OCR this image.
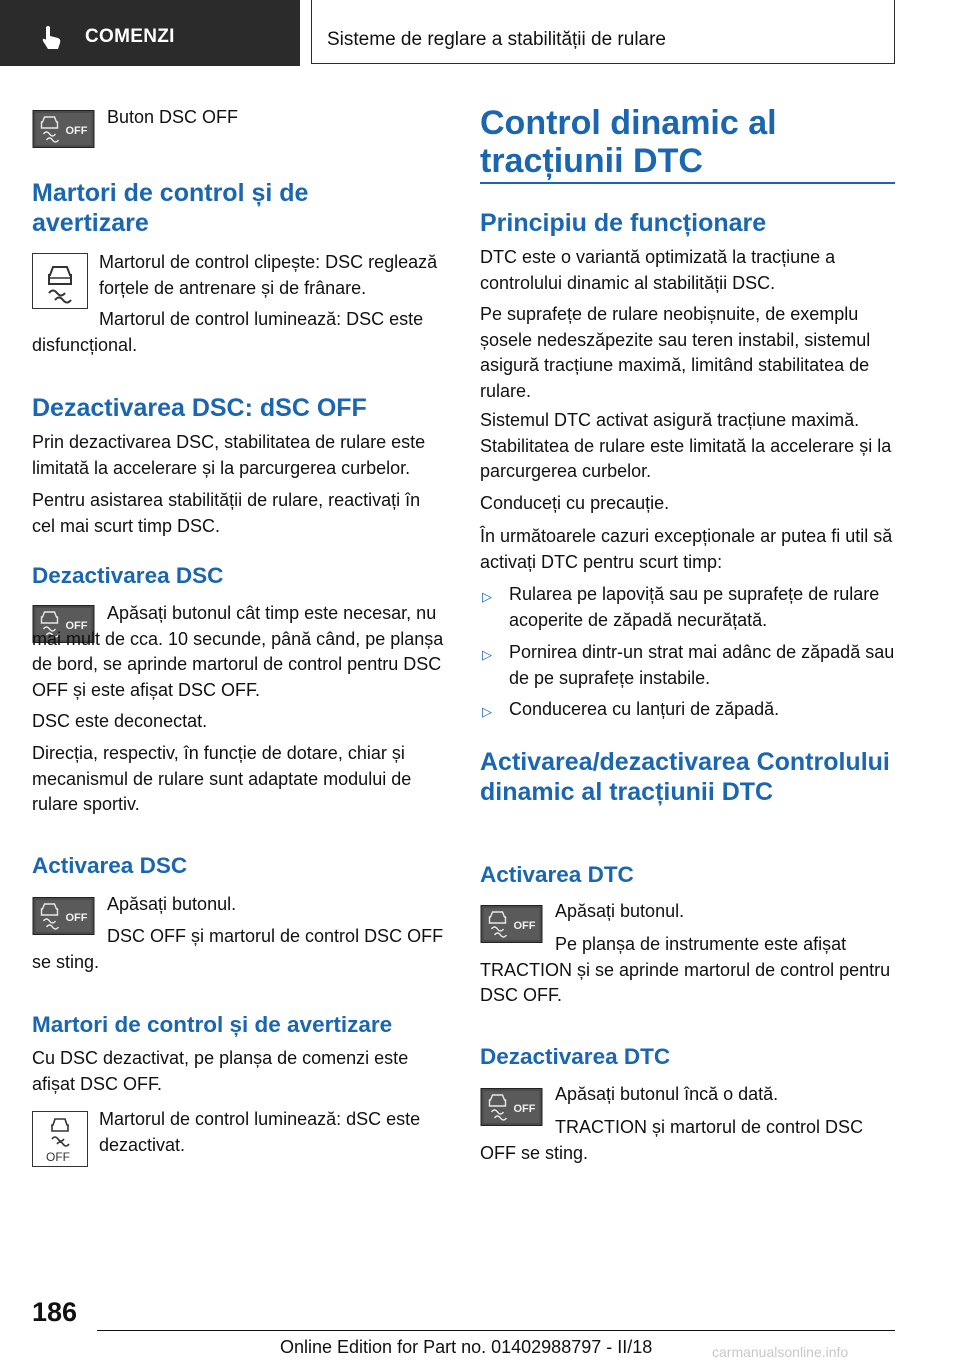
COMENZI	Sisteme de reglare a stabilității de rulare

Buton DSC OFF

Martori de control și de avertizare

Martorul de control clipește: DSC reglează forțele de antrenare și de frânare.

Martorul de control luminează: DSC este disfuncțional.

Dezactivarea DSC: dSC OFF

Prin dezactivarea DSC, stabilitatea de rulare este limitată la accelerare și la parcurgerea curbelor.

Pentru asistarea stabilității de rulare, reactivați în cel mai scurt timp DSC.

Dezactivarea DSC

Apăsați butonul cât timp este necesar, nu mai mult de cca. 10 secunde, până când, pe planșa de bord, se aprinde martorul de control pentru DSC OFF și este afișat DSC OFF.

DSC este deconectat.

Direcția, respectiv, în funcție de dotare, chiar și mecanismul de rulare sunt adaptate modului de rulare sportiv.

Activarea DSC

Apăsați butonul.

DSC OFF și martorul de control DSC OFF se sting.

Martori de control și de avertizare

Cu DSC dezactivat, pe planșa de comenzi este afișat DSC OFF.

Martorul de control luminează: dSC este dezactivat.

Control dinamic al tracțiunii DTC
Principiu de funcționare

DTC este o variantă optimizată la tracțiune a controlului dinamic al stabilității DSC.

Pe suprafețe de rulare neobișnuite, de exemplu șosele nedeszăpezite sau teren instabil, sistemul asigură tracțiune maximă, limitând stabilitatea de rulare.

Sistemul DTC activat asigură tracțiune maximă. Stabilitatea de rulare este limitată la accelerare și la parcurgerea curbelor.

Conduceți cu precauție.

În următoarele cazuri excepționale ar putea fi util să activați DTC pentru scurt timp:

▷ Rularea pe lapoviță sau pe suprafețe de rulare acoperite de zăpadă necurățată.

▷ Pornirea dintr-un strat mai adânc de zăpadă sau de pe suprafețe instabile.

▷ Conducerea cu lanțuri de zăpadă.

Activarea/dezactivarea Controlului dinamic al tracțiunii DTC
Activarea DTC

Apăsați butonul.

Pe planșa de instrumente este afișat TRACTION și se aprinde martorul de control pentru DSC OFF.

Dezactivarea DTC

Apăsați butonul încă o dată.

TRACTION și martorul de control DSC OFF se sting.

186
Online Edition for Part no. 01402988797 - II/18	carmanualsonline.info
